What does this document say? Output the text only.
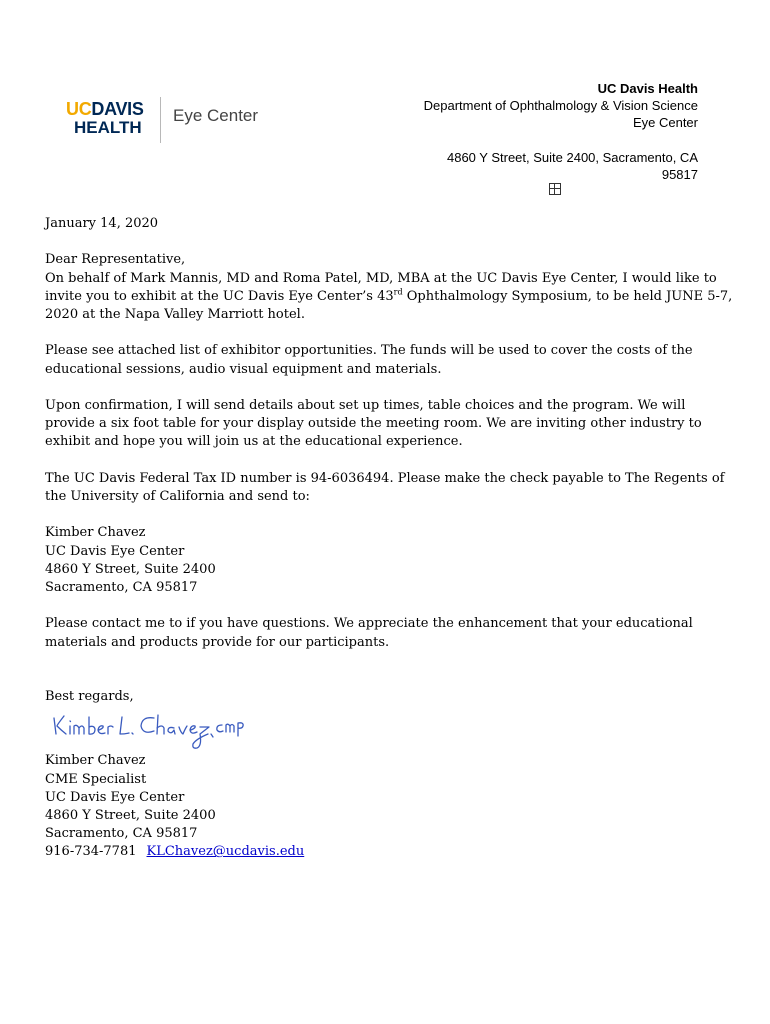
UCDAVIS
HEALTH
Eye Center
UC Davis Health
Department of Ophthalmology & Vision Science
Eye Center
4860 Y Street, Suite 2400, Sacramento, CA
95817

January 14, 2020

Dear Representative,

On behalf of Mark Mannis, MD and Roma Patel, MD, MBA at the UC Davis Eye Center, I would like to invite you to exhibit at the UC Davis Eye Center’s 43rd Ophthalmology Symposium, to be held JUNE 5-7, 2020 at the Napa Valley Marriott hotel.

Please see attached list of exhibitor opportunities. The funds will be used to cover the costs of the educational sessions, audio visual equipment and materials.

Upon confirmation, I will send details about set up times, table choices and the program. We will provide a six foot table for your display outside the meeting room. We are inviting other industry to exhibit and hope you will join us at the educational experience.

The UC Davis Federal Tax ID number is 94-6036494. Please make the check payable to The Regents of the University of California and send to:

Kimber Chavez
UC Davis Eye Center
4860 Y Street, Suite 2400
Sacramento, CA 95817

Please contact me to if you have questions. We appreciate the enhancement that your educational materials and products provide for our participants.

Best regards,

Kimber Chavez
CME Specialist
UC Davis Eye Center
4860 Y Street, Suite 2400
Sacramento, CA 95817
916-734-7781 KLChavez@ucdavis.edu
